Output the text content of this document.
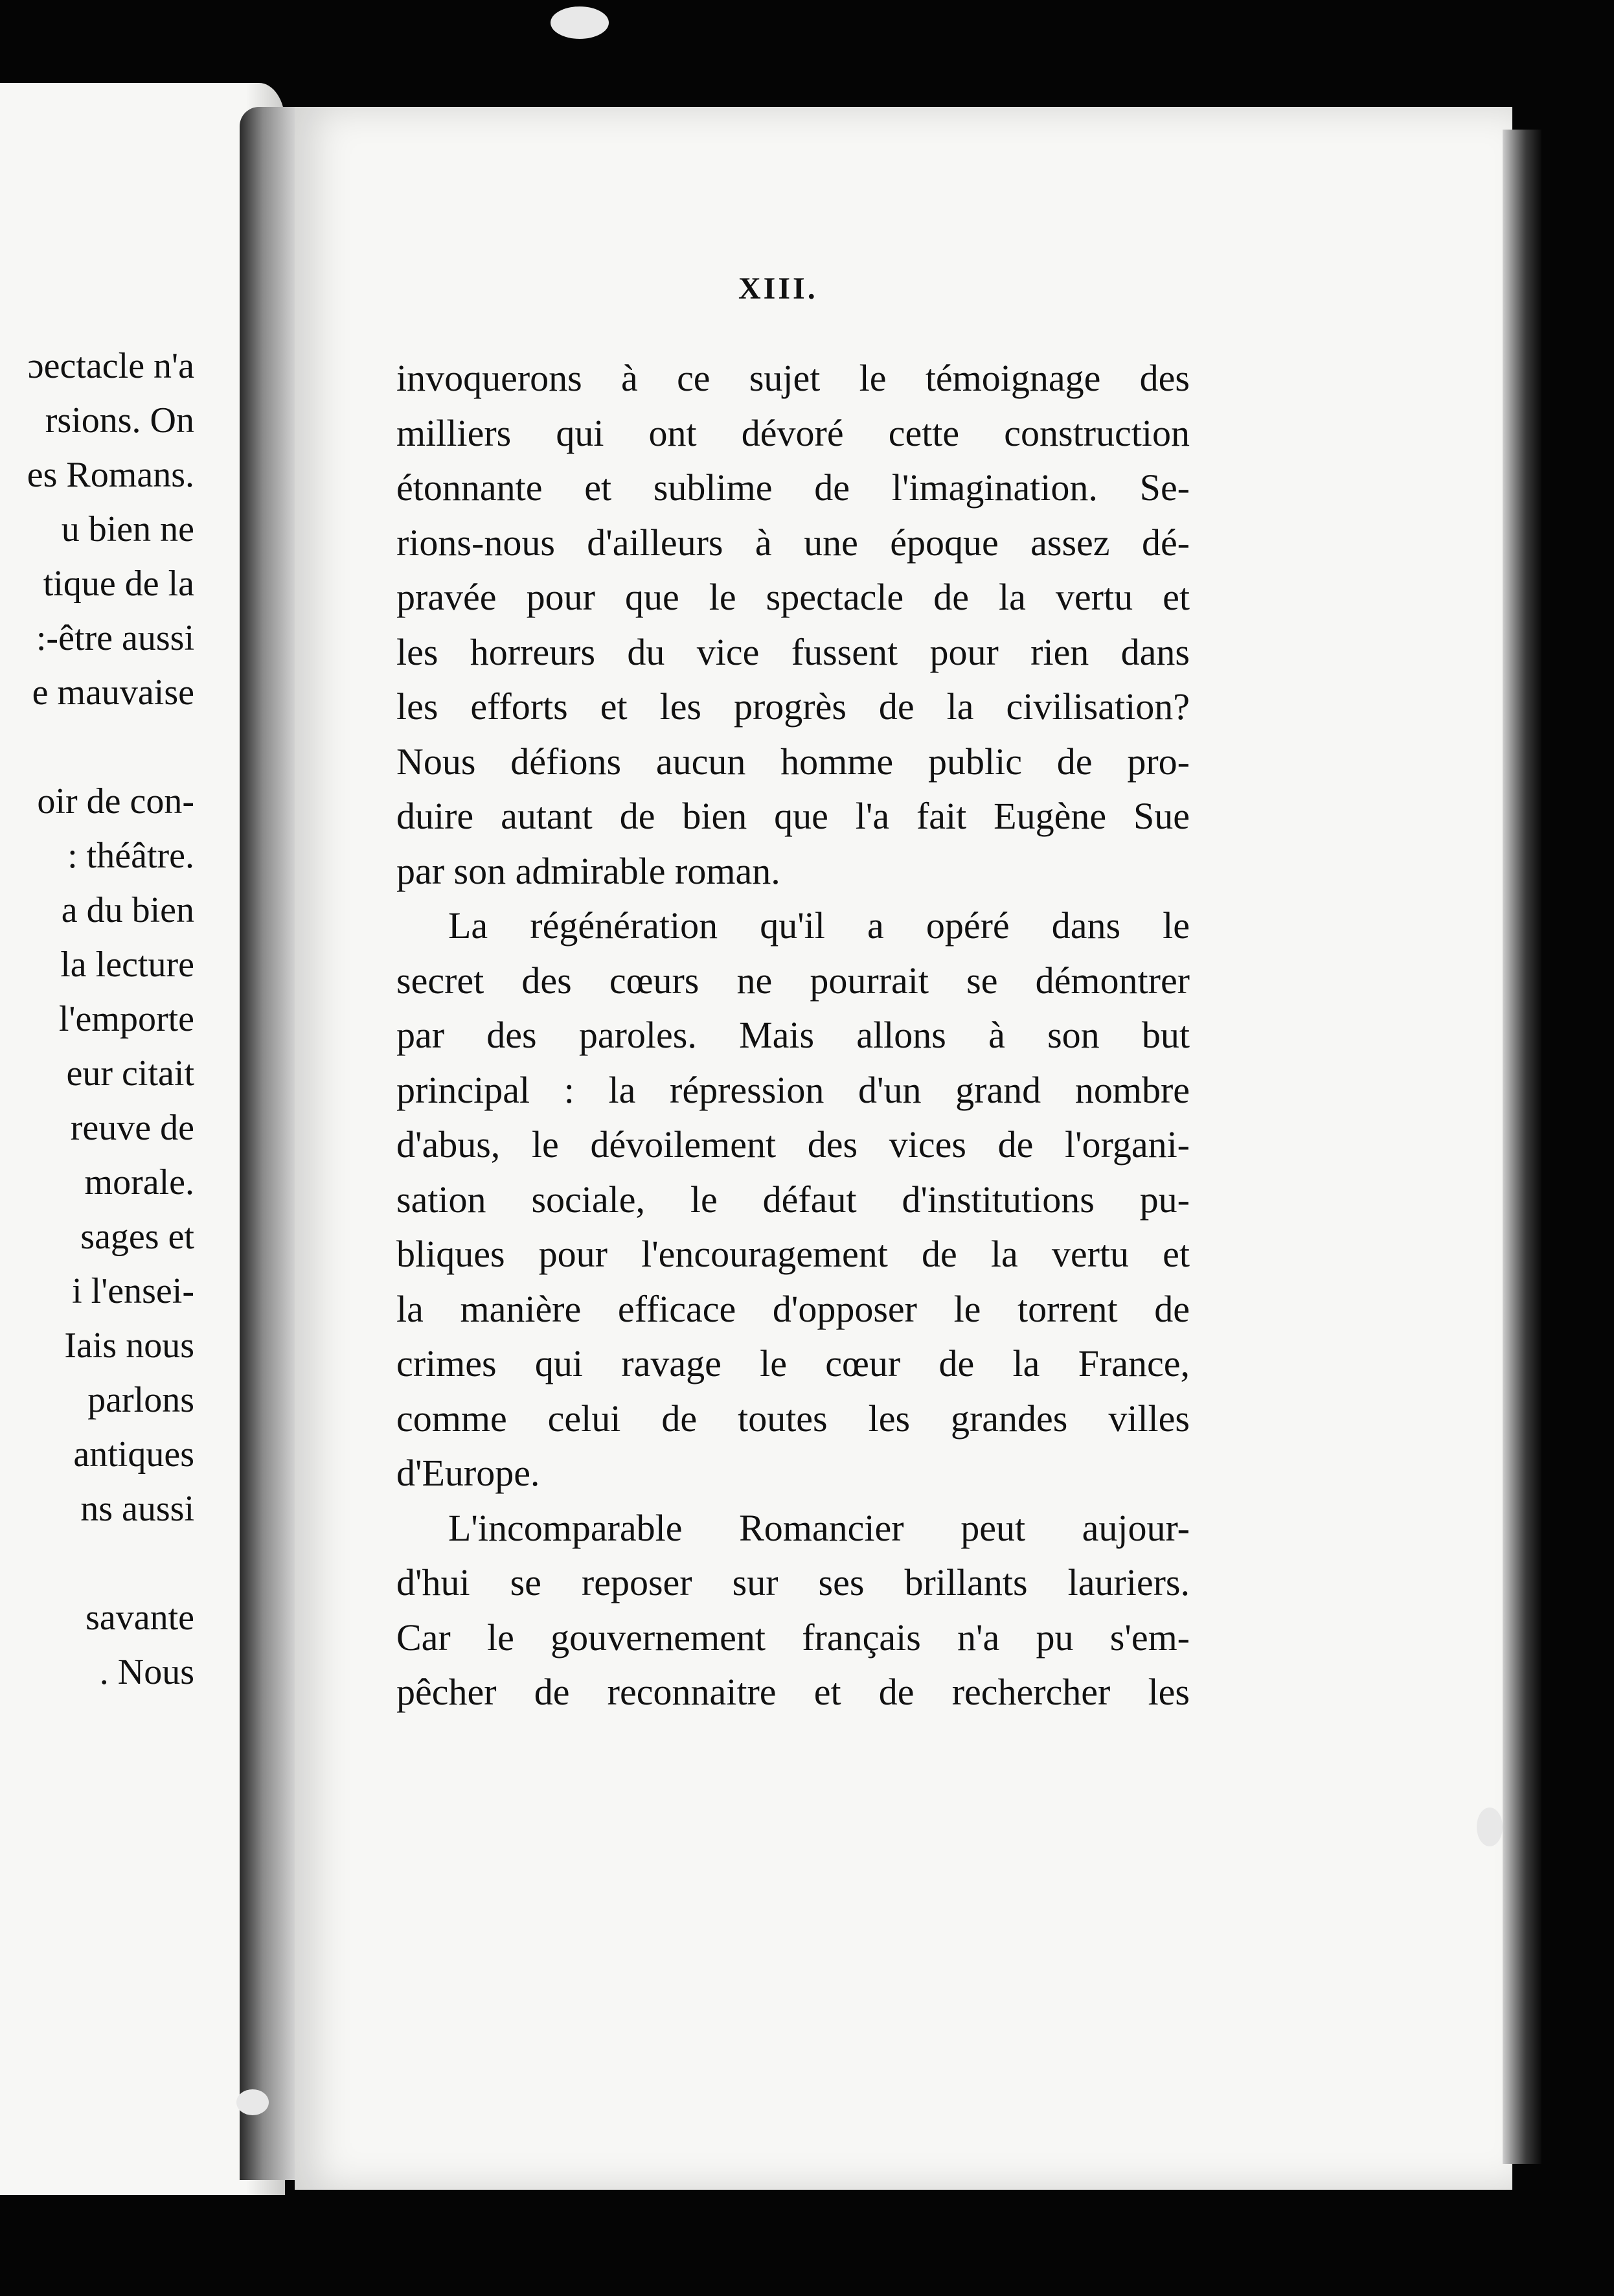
ɔectacle n'a
rsions. On
es Romans.
u bien ne
tique de la
:-être aussi
e mauvaise

oir de con-
: théâtre.
a du bien
la lecture
l'emporte
eur citait
reuve de
morale.
sages et
i l'ensei-
Iais nous
parlons
antiques
ns aussi

savante
. Nous
XIII.
invoquerons à ce sujet le témoignage des
milliers qui ont dévoré cette construction
étonnante et sublime de l'imagination. Se-
rions-nous d'ailleurs à une époque assez dé-
pravée pour que le spectacle de la vertu et
les horreurs du vice fussent pour rien dans
les efforts et les progrès de la civilisation?
Nous défions aucun homme public de pro-
duire autant de bien que l'a fait Eugène Sue
par son admirable roman.
La régénération qu'il a opéré dans le
secret des cœurs ne pourrait se démontrer
par des paroles. Mais allons à son but
principal : la répression d'un grand nombre
d'abus, le dévoilement des vices de l'organi-
sation sociale, le défaut d'institutions pu-
bliques pour l'encouragement de la vertu et
la manière efficace d'opposer le torrent de
crimes qui ravage le cœur de la France,
comme celui de toutes les grandes villes
d'Europe.
L'incomparable Romancier peut aujour-
d'hui se reposer sur ses brillants lauriers.
Car le gouvernement français n'a pu s'em-
pêcher de reconnaitre et de rechercher les
